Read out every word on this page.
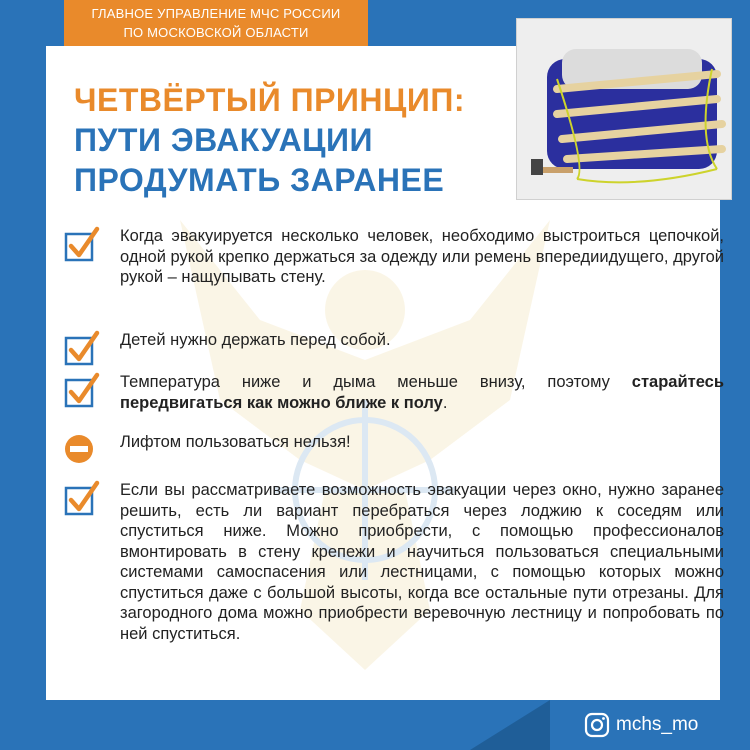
ГЛАВНОЕ УПРАВЛЕНИЕ МЧС РОССИИ
ПО МОСКОВСКОЙ ОБЛАСТИ
ЧЕТВЁРТЫЙ ПРИНЦИП:
ПУТИ ЭВАКУАЦИИ
ПРОДУМАТЬ ЗАРАНЕЕ
Когда эвакуируется несколько человек, необходимо выстроиться цепочкой, одной рукой крепко держаться за одежду или ремень впередиидущего, другой рукой – нащупывать стену.
Детей нужно держать перед собой.
Температура ниже и дыма меньше внизу, поэтому старайтесь передвигаться как можно ближе к полу.
Лифтом пользоваться нельзя!
Если вы рассматриваете возможность эвакуации через окно, нужно заранее решить, есть ли вариант перебраться через лоджию к соседям или спуститься ниже. Можно приобрести, с помощью профессионалов вмонтировать в стену крепежи и научиться пользоваться специальными системами самоспасения или лестницами, с помощью которых можно спуститься даже с большой высоты, когда все остальные пути отрезаны. Для загородного дома можно приобрести веревочную лестницу и попробовать по ней спуститься.
mchs_mo
